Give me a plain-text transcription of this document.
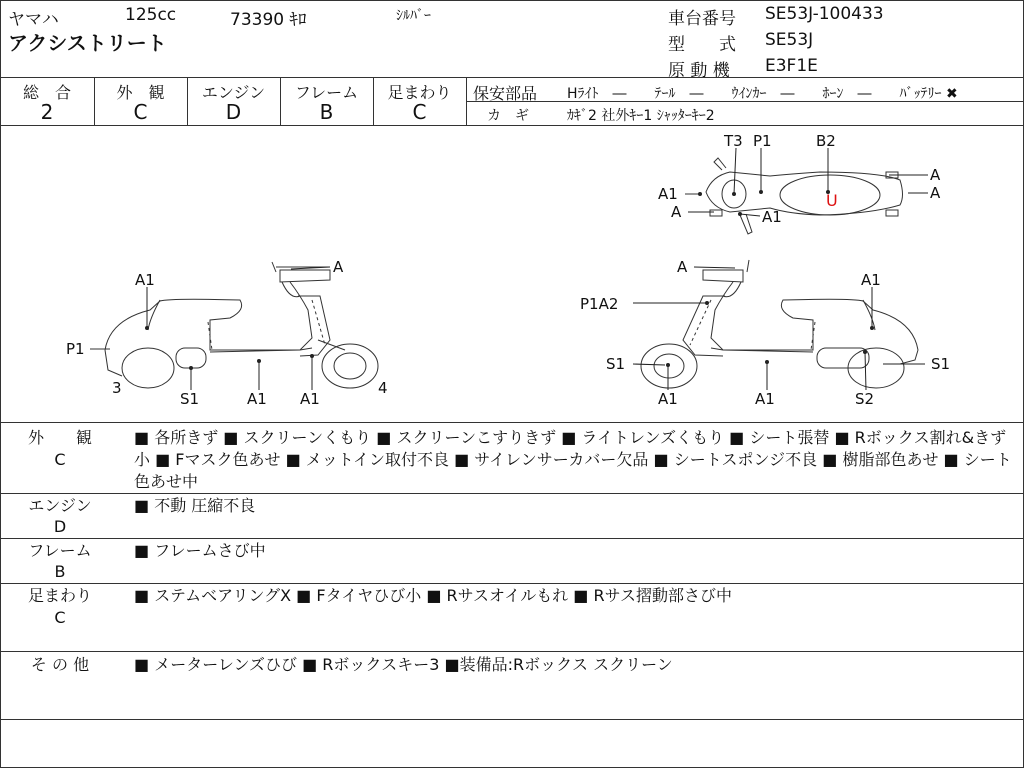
ヤマハ	125cc	73390 ｷﾛ	ｼﾙﾊﾞｰ
アクシストリート
車台番号 SE53J-100433
型　　式 SE53J
原 動 機 E3F1E
総　合
2
外　観
C
エンジン
D
フレーム
B
足まわり
C
保安部品 Hﾗｲﾄ　―　　ﾃｰﾙ　―　　ｳｲﾝｶｰ　―　　ﾎｰﾝ　―　　ﾊﾞｯﾃﾘｰ ✖
カ　ギ	ｶｷﾞ2 社外ｷｰ1 ｼｬｯﾀｰｷｰ2
U
A1
A
P1
3	4
S1	A1 A1
A
A1
P1A2
S1	S1
A1	A1	S2
T3 P1	B2
A
A
A1
A	A1
外　　観
C
■ 各所きず ■ スクリーンくもり ■ スクリーンこすりきず ■ ライトレンズくもり ■ シート張替 ■ Rボックス割れ&きず小 ■ Fマスク色あせ ■ メットイン取付不良 ■ サイレンサーカバー欠品 ■ シートスポンジ不良 ■ 樹脂部色あせ ■ シート色あせ中
エンジン
D
■ 不動 圧縮不良
フレーム
B
■ フレームさび中
足まわり
C
■ ステムベアリングX ■ Fタイヤひび小 ■ Rサスオイルもれ ■ Rサス摺動部さび中
そ の 他	■ メーターレンズひび ■ Rボックスキー3 ■装備品:Rボックス スクリーン
